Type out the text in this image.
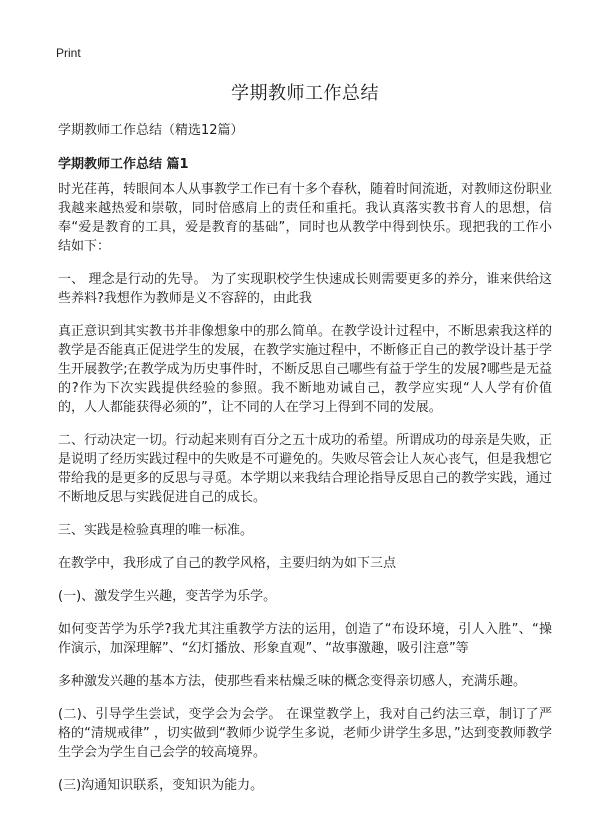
Print
学期教师工作总结
学期教师工作总结（精选12篇）
学期教师工作总结 篇1

时光荏苒，转眼间本人从事教学工作已有十多个春秋，随着时间流逝，对教师这份职业我越来越热爱和崇敬，同时倍感肩上的责任和重托。我认真落实教书育人的思想，信奉“爱是教育的工具，爱是教育的基础”，同时也从教学中得到快乐。现把我的工作小结如下：

一、 理念是行动的先导。 为了实现职校学生快速成长则需要更多的养分，谁来供给这些养料?我想作为教师是义不容辞的，由此我

真正意识到其实教书并非像想象中的那么简单。在教学设计过程中，不断思索我这样的教学是否能真正促进学生的发展，在教学实施过程中，不断修正自己的教学设计基于学生开展教学;在教学成为历史事件时，不断反思自己哪些有益于学生的发展?哪些是无益的?作为下次实践提供经验的参照。我不断地劝诫自己，教学应实现“人人学有价值的，人人都能获得必须的”，让不同的人在学习上得到不同的发展。

二、行动决定一切。行动起来则有百分之五十成功的希望。所谓成功的母亲是失败，正是说明了经历实践过程中的失败是不可避免的。失败尽管会让人灰心丧气，但是我想它带给我的是更多的反思与寻觅。本学期以来我结合理论指导反思自己的教学实践，通过不断地反思与实践促进自己的成长。

三、实践是检验真理的唯一标准。

在教学中，我形成了自己的教学风格，主要归纳为如下三点

(一)、激发学生兴趣，变苦学为乐学。

如何变苦学为乐学?我尤其注重教学方法的运用，创造了“布设环境，引人入胜”、“操作演示，加深理解”、“幻灯播放、形象直观”、“故事激趣，吸引注意”等

多种激发兴趣的基本方法，使那些看来枯燥乏味的概念变得亲切感人，充满乐趣。

(二)、引导学生尝试，变学会为会学。 在课堂教学上，我对自己约法三章，制订了严格的“清规戒律” ，切实做到“教师少说学生多说，老师少讲学生多思，”达到变教师教学生学会为学生自己会学的较高境界。

(三)沟通知识联系，变知识为能力。
